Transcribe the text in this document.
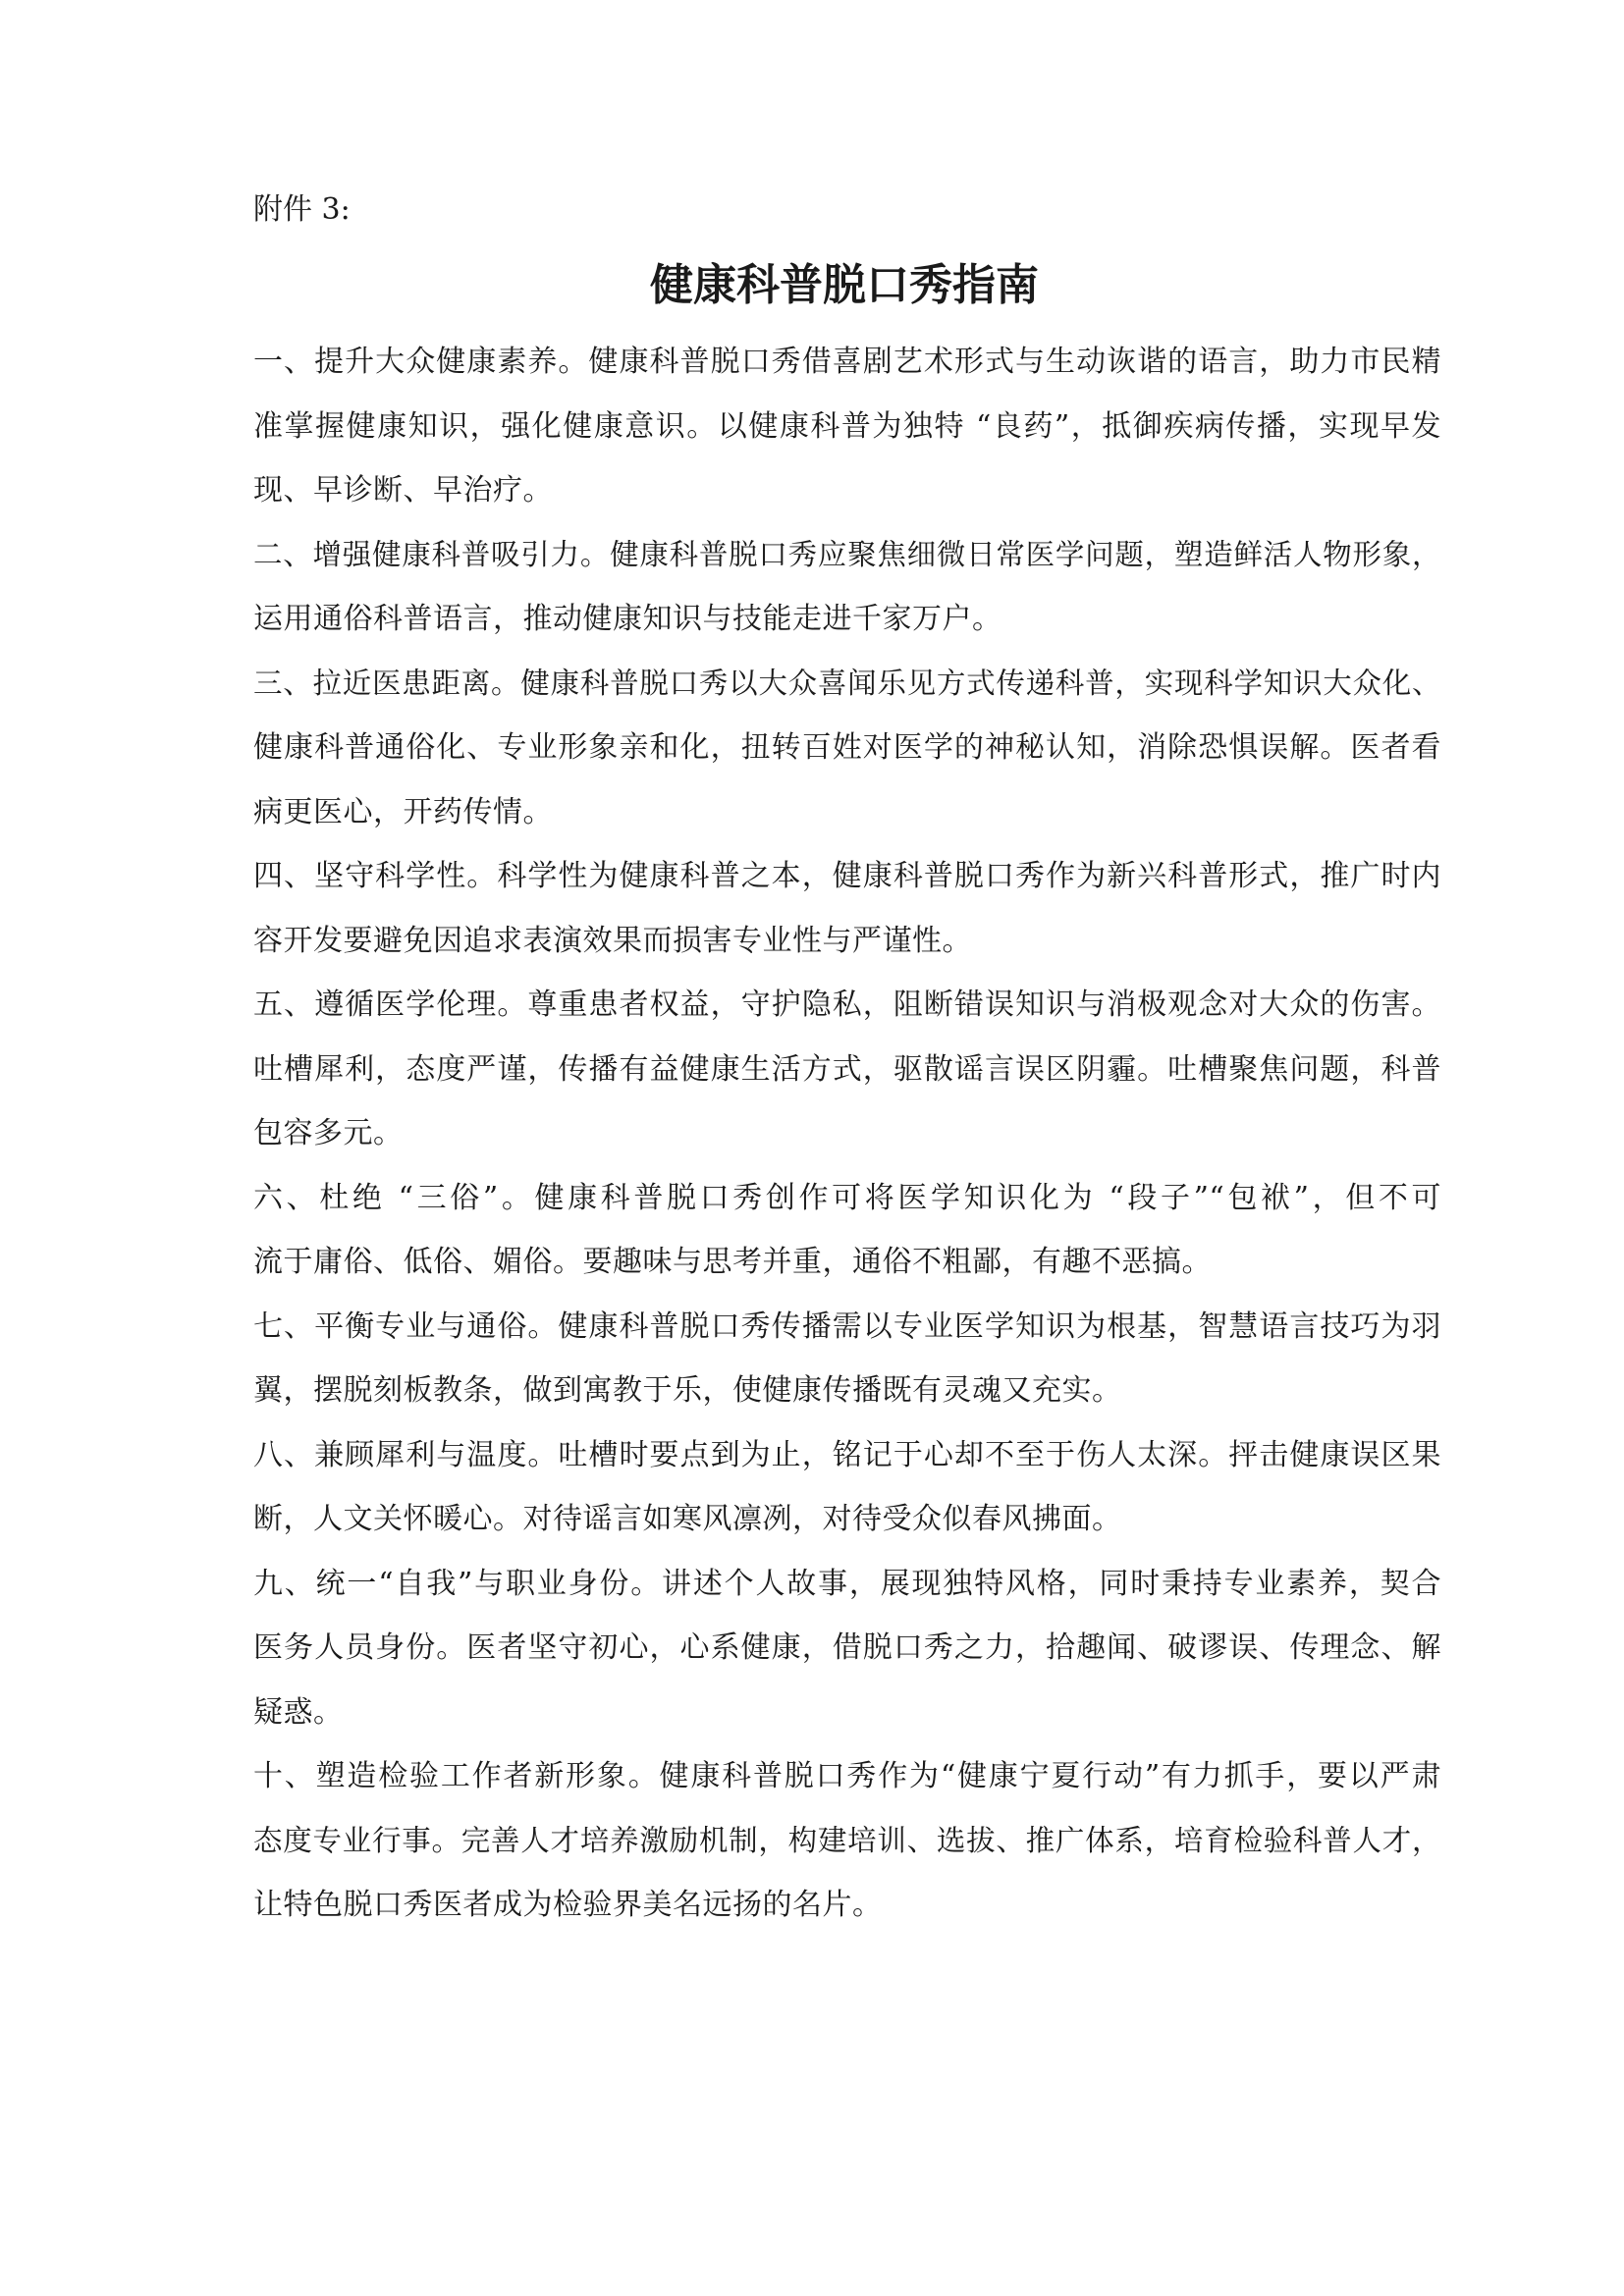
附件 3:
健康科普脱口秀指南
一、提升大众健康素养。健康科普脱口秀借喜剧艺术形式与生动诙谐的语言，助力市民精
准掌握健康知识，强化健康意识。以健康科普为独特 “良药”，抵御疾病传播，实现早发
现、早诊断、早治疗。
二、增强健康科普吸引力。健康科普脱口秀应聚焦细微日常医学问题，塑造鲜活人物形象，
运用通俗科普语言，推动健康知识与技能走进千家万户。
三、拉近医患距离。健康科普脱口秀以大众喜闻乐见方式传递科普，实现科学知识大众化、
健康科普通俗化、专业形象亲和化，扭转百姓对医学的神秘认知，消除恐惧误解。医者看
病更医心，开药传情。
四、坚守科学性。科学性为健康科普之本，健康科普脱口秀作为新兴科普形式，推广时内
容开发要避免因追求表演效果而损害专业性与严谨性。
五、遵循医学伦理。尊重患者权益，守护隐私，阻断错误知识与消极观念对大众的伤害。
吐槽犀利，态度严谨，传播有益健康生活方式，驱散谣言误区阴霾。吐槽聚焦问题，科普
包容多元。
六、杜绝 “三俗”。健康科普脱口秀创作可将医学知识化为 “段子”“包袱”，但不可
流于庸俗、低俗、媚俗。要趣味与思考并重，通俗不粗鄙，有趣不恶搞。
七、平衡专业与通俗。健康科普脱口秀传播需以专业医学知识为根基，智慧语言技巧为羽
翼，摆脱刻板教条，做到寓教于乐，使健康传播既有灵魂又充实。
八、兼顾犀利与温度。吐槽时要点到为止，铭记于心却不至于伤人太深。抨击健康误区果
断，人文关怀暖心。对待谣言如寒风凛冽，对待受众似春风拂面。
九、统一“自我”与职业身份。讲述个人故事，展现独特风格，同时秉持专业素养，契合
医务人员身份。医者坚守初心，心系健康，借脱口秀之力，拾趣闻、破谬误、传理念、解
疑惑。
十、塑造检验工作者新形象。健康科普脱口秀作为“健康宁夏行动”有力抓手，要以严肃
态度专业行事。完善人才培养激励机制，构建培训、选拔、推广体系，培育检验科普人才，
让特色脱口秀医者成为检验界美名远扬的名片。
